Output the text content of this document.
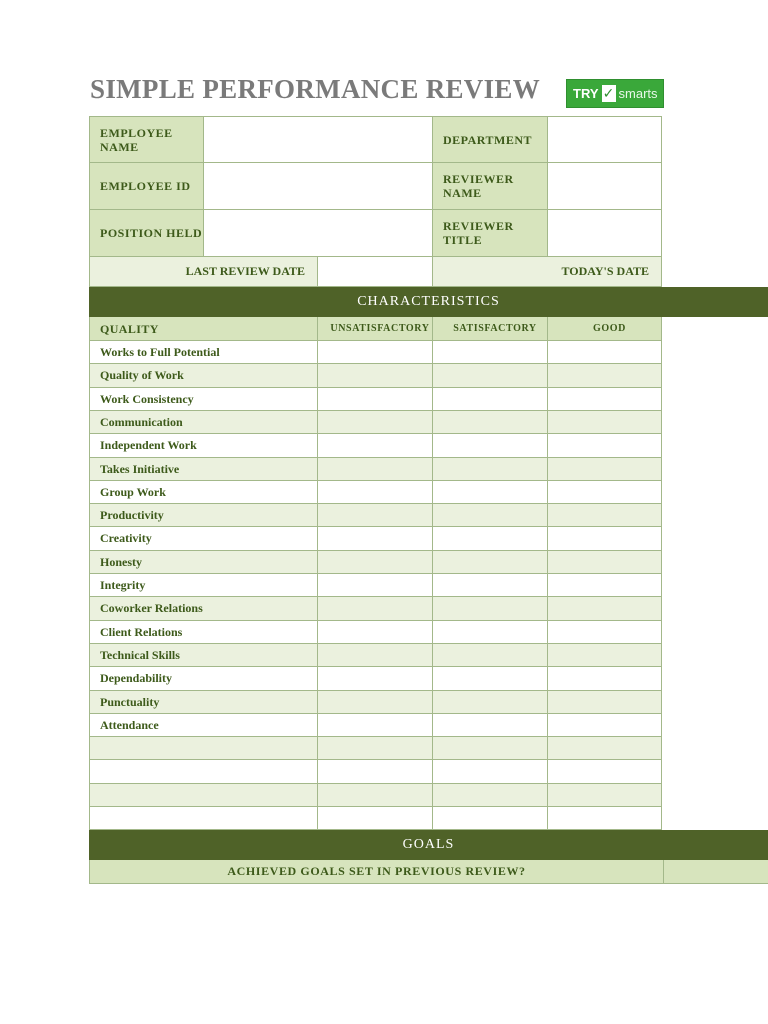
SIMPLE PERFORMANCE REVIEW	TRY ✓ smarts
EMPLOYEE NAME	DEPARTMENT
EMPLOYEE ID	REVIEWER NAME
POSITION HELD	REVIEWER TITLE
LAST REVIEW DATE	TODAY'S DATE
CHARACTERISTICS
QUALITY	UNSATISFACTORY	SATISFACTORY	GOOD
Works to Full Potential
Quality of Work
Work Consistency
Communication
Independent Work
Takes Initiative
Group Work
Productivity
Creativity
Honesty
Integrity
Coworker Relations
Client Relations
Technical Skills
Dependability
Punctuality
Attendance
GOALS
ACHIEVED GOALS SET IN PREVIOUS REVIEW?
